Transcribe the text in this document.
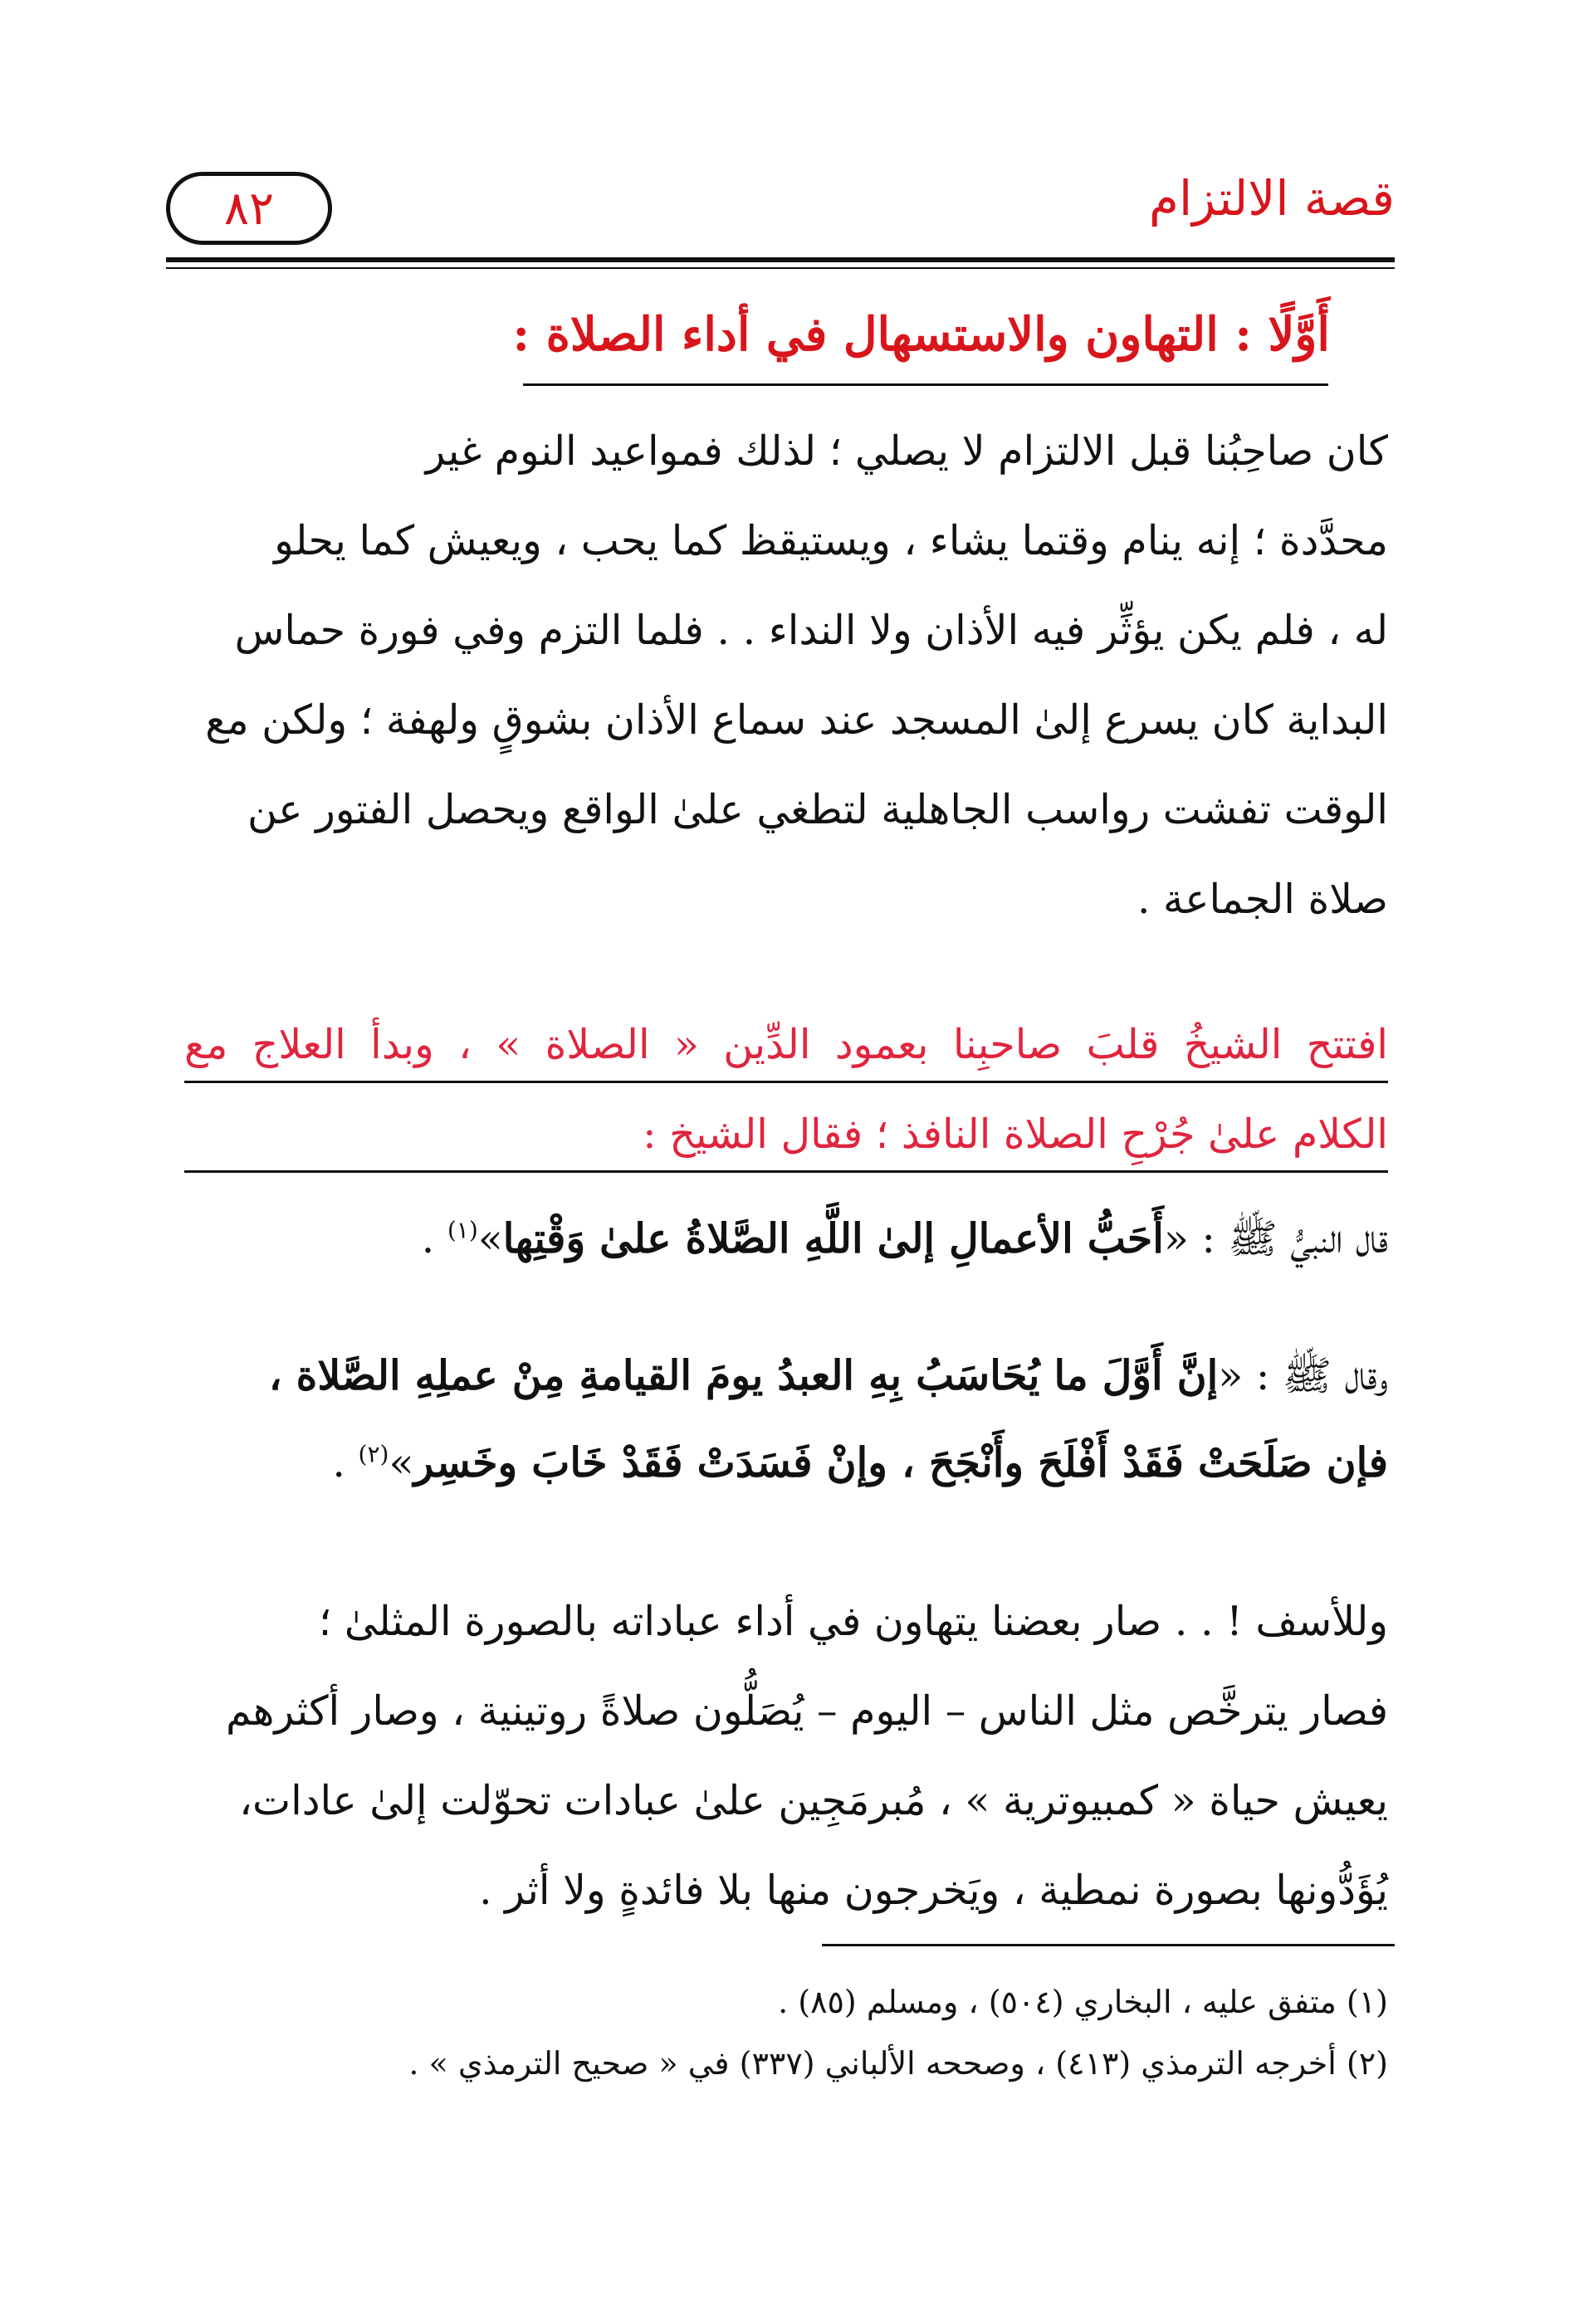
قصة الالتزام
٨٢
أَوَّلًا : التهاون والاستسهال في أداء الصلاة :

كان صاحِبُنا قبل الالتزام لا يصلي ؛ لذلك فمواعيد النوم غير

محدَّدة ؛ إنه ينام وقتما يشاء ، ويستيقظ كما يحب ، ويعيش كما يحلو

له ، فلم يكن يؤثِّر فيه الأذان ولا النداء . . فلما التزم وفي فورة حماس

البداية كان يسرع إلىٰ المسجد عند سماع الأذان بشوقٍ ولهفة ؛ ولكن مع

الوقت تفشت رواسب الجاهلية لتطغي علىٰ الواقع ويحصل الفتور عن

صلاة الجماعة .

افتتح الشيخُ قلبَ صاحبِنا بعمود الدِّين « الصلاة » ، وبدأ العلاج مع
الكلام علىٰ جُرْحِ الصلاة النافذ ؛ فقال الشيخ :
قال النبيُّ ﷺ : «أَحَبُّ الأعمالِ إلىٰ اللَّهِ الصَّلاةُ علىٰ وَقْتِها»$^{(١)}$ .
وقال ﷺ : «إنَّ أَوَّلَ ما يُحَاسَبُ بِهِ العبدُ يومَ القيامةِ مِنْ عملِهِ الصَّلاة ،
فإن صَلَحَتْ فَقَدْ أَفْلَحَ وأَنْجَحَ ، وإنْ فَسَدَتْ فَقَدْ خَابَ وخَسِر»$^{(٢)}$ .

وللأسف ! . . صار بعضنا يتهاون في أداء عباداته بالصورة المثلىٰ ؛

فصار يترخَّص مثل الناس – اليوم – يُصَلُّون صلاةً روتينية ، وصار أكثرهم

يعيش حياة « كمبيوترية » ، مُبرمَجِين علىٰ عبادات تحوّلت إلىٰ عادات،

يُؤَدُّونها بصورة نمطية ، ويَخرجون منها بلا فائدةٍ ولا أثر .

(١) متفق عليه ، البخاري (٥٠٤) ، ومسلم (٨٥) .
(٢) أخرجه الترمذي (٤١٣) ، وصححه الألباني (٣٣٧) في « صحيح الترمذي » .
